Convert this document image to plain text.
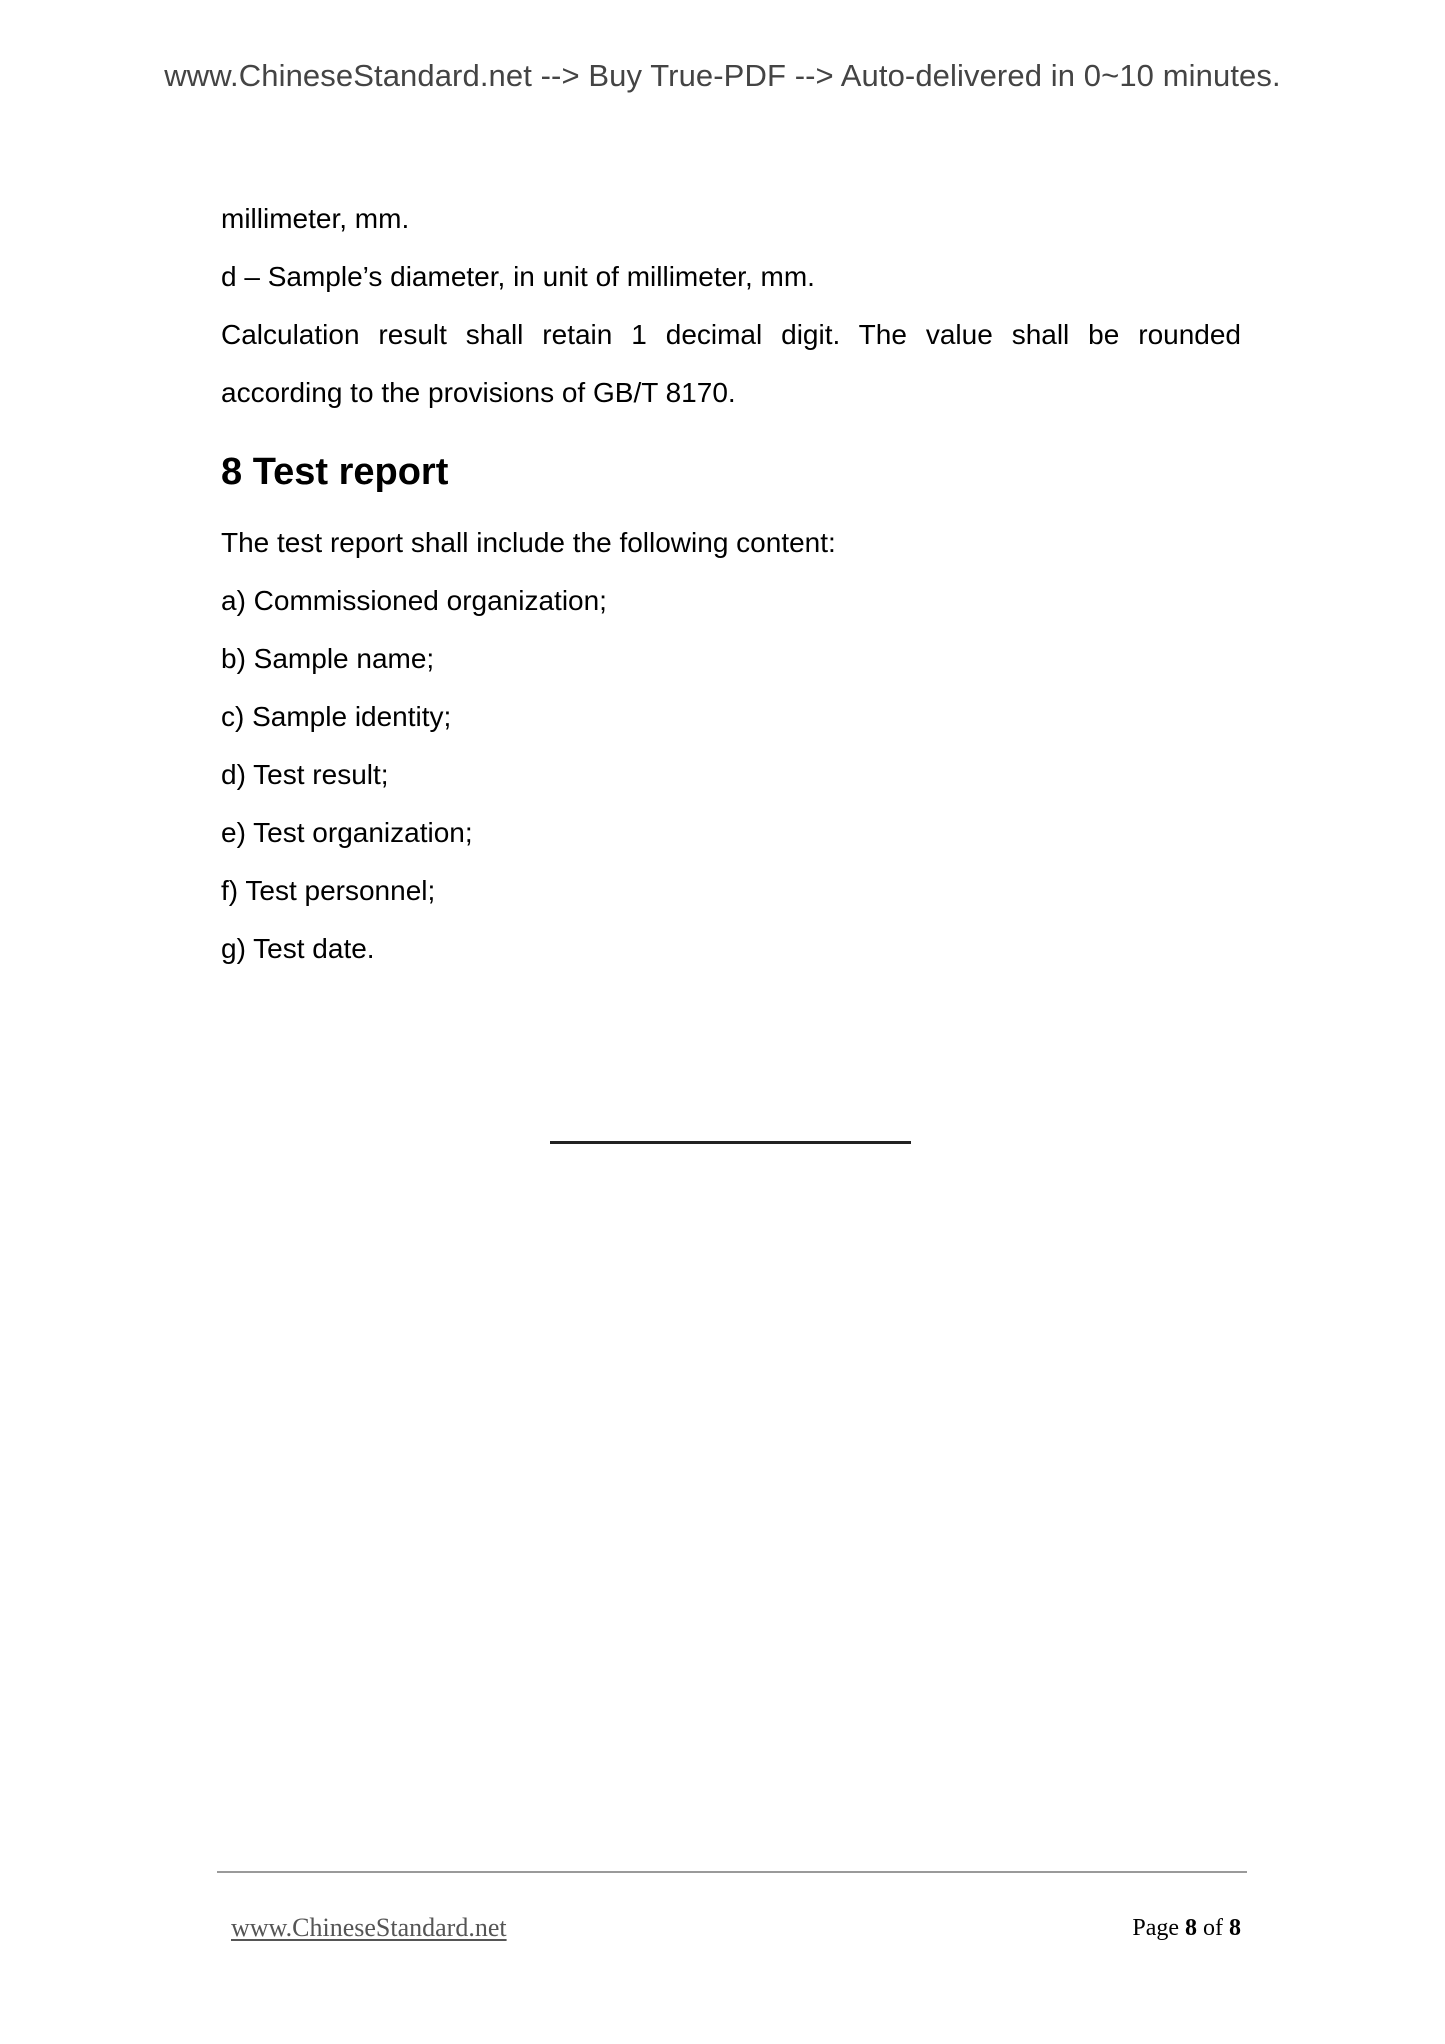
www.ChineseStandard.net --> Buy True-PDF --> Auto-delivered in 0~10 minutes.

millimeter, mm.

d – Sample’s diameter, in unit of millimeter, mm.

Calculation result shall retain 1 decimal digit. The value shall be rounded according to the provisions of GB/T 8170.

8 Test report

The test report shall include the following content:

a) Commissioned organization;

b) Sample name;

c) Sample identity;

d) Test result;

e) Test organization;

f) Test personnel;

g) Test date.

www.ChineseStandard.net	Page 8 of 8
